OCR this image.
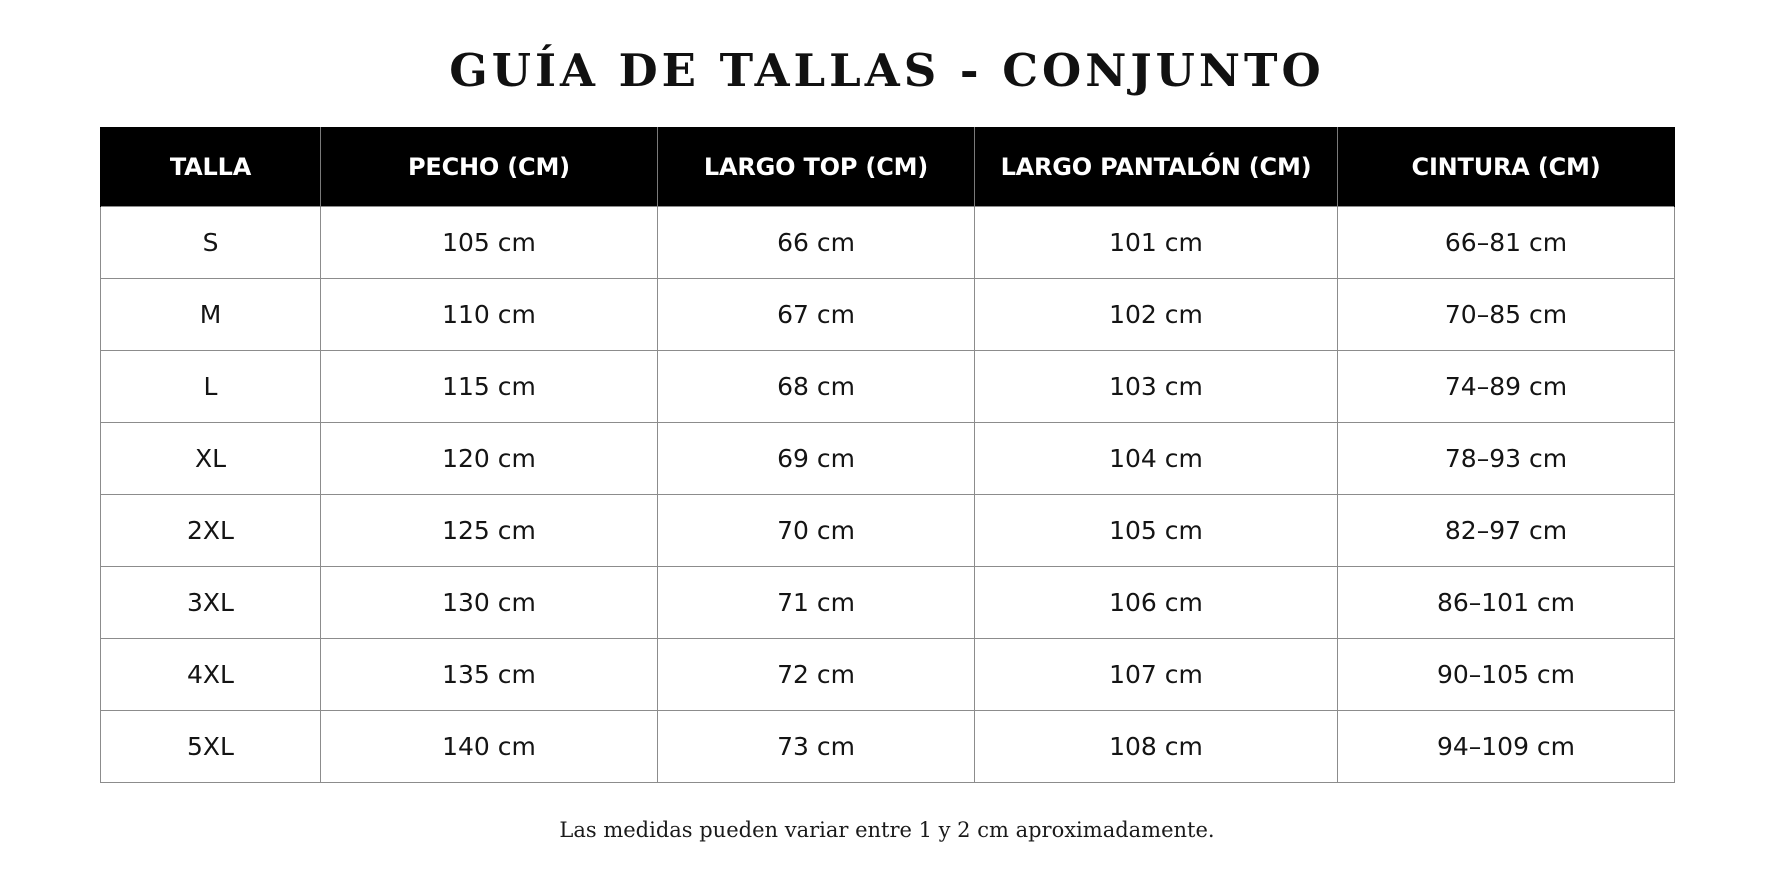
GUÍA DE TALLAS - CONJUNTO
TALLA	PECHO (CM)	LARGO TOP (CM)	LARGO PANTALÓN (CM)	CINTURA (CM)
S	105 cm	66 cm	101 cm	66–81 cm
M	110 cm	67 cm	102 cm	70–85 cm
L	115 cm	68 cm	103 cm	74–89 cm
XL	120 cm	69 cm	104 cm	78–93 cm
2XL	125 cm	70 cm	105 cm	82–97 cm
3XL	130 cm	71 cm	106 cm	86–101 cm
4XL	135 cm	72 cm	107 cm	90–105 cm
5XL	140 cm	73 cm	108 cm	94–109 cm

Las medidas pueden variar entre 1 y 2 cm aproximadamente.
